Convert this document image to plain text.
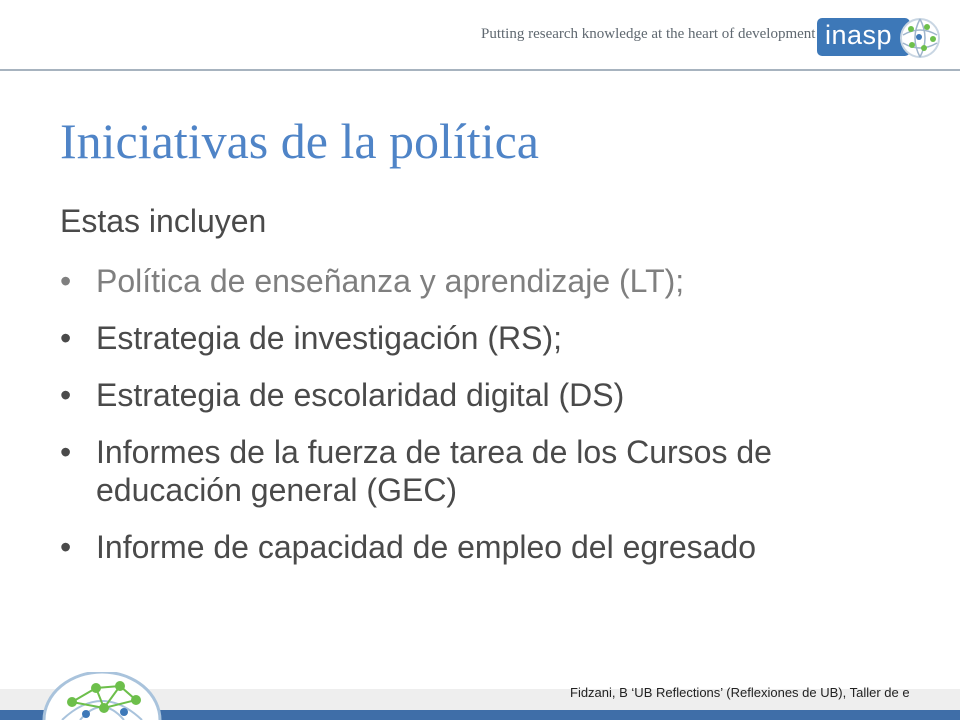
Putting research knowledge at the heart of development inasp
Iniciativas de la política
Estas incluyen
• Política de enseñanza y aprendizaje (LT);
• Estrategia de investigación (RS);
• Estrategia de escolaridad digital (DS)
• Informes de la fuerza de tarea de los Cursos de educación general (GEC)
• Informe de capacidad de empleo del egresado
Fidzani, B ‘UB Reflections’ (Reflexiones de UB), Taller de e
